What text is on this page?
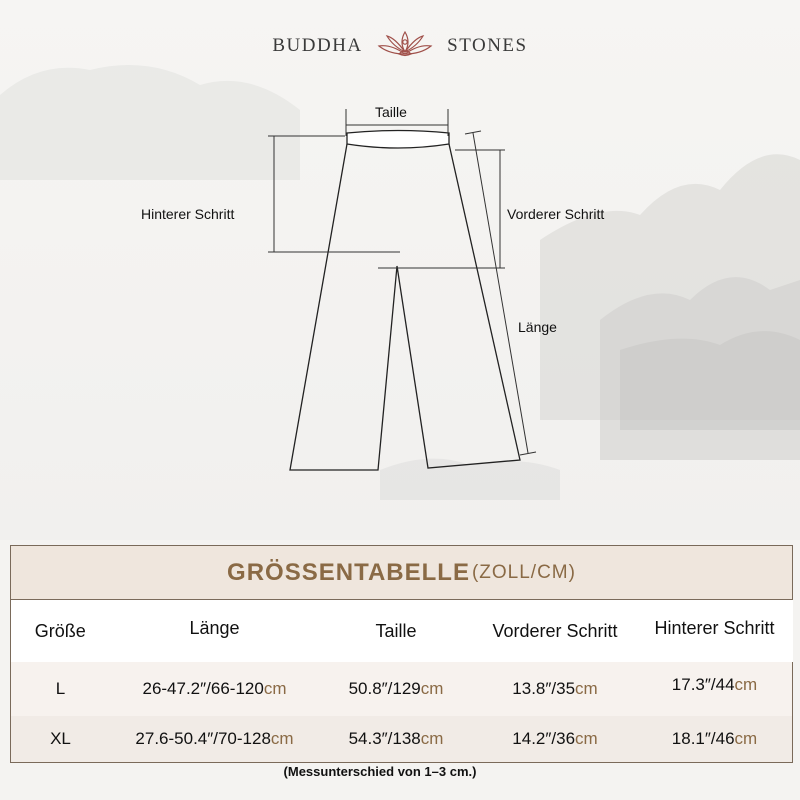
BUDDHA	STONES
Taille
Hinterer Schritt	Vorderer Schritt
Länge
GRÖSSENTABELLE (ZOLL/CM)
Größe	Länge	Taille	Vorderer Schritt	Hinterer Schritt
L	26-47.2″/66-120cm	50.8″/129cm	13.8″/35cm	17.3″/44cm
XL	27.6-50.4″/70-128cm	54.3″/138cm	14.2″/36cm	18.1″/46cm
(Messunterschied von 1–3 cm.)
